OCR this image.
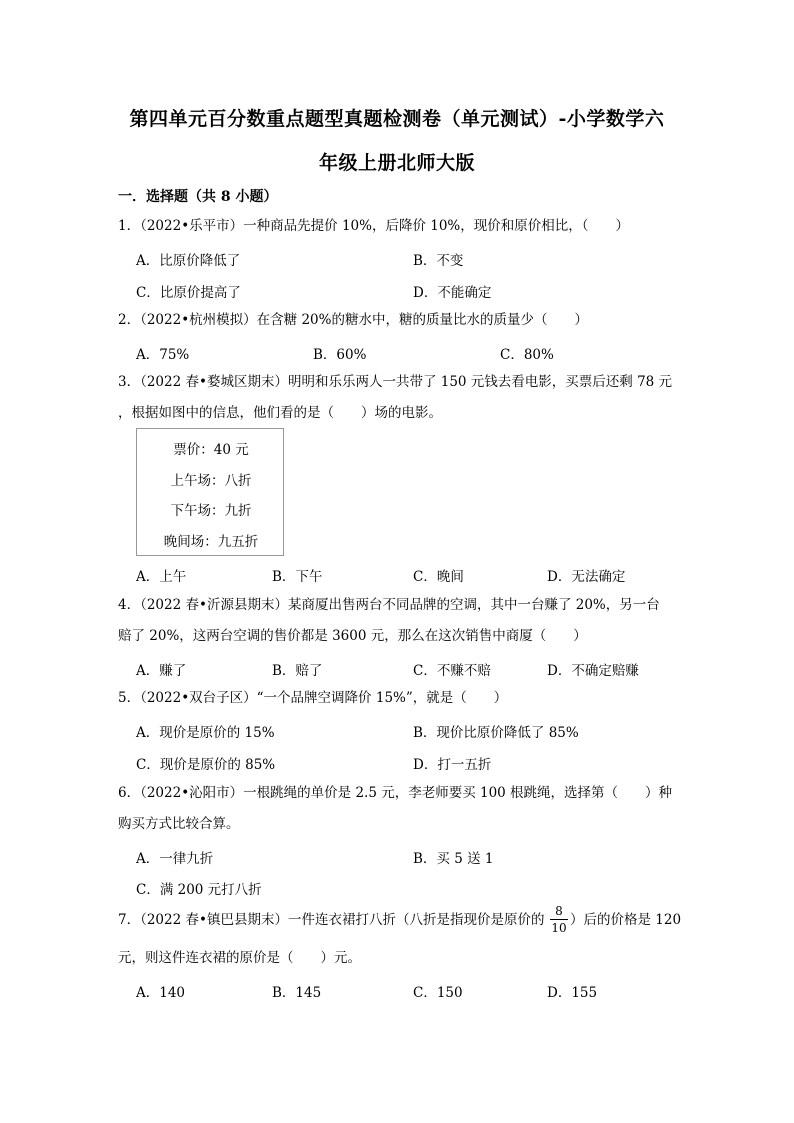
第四单元百分数重点题型真题检测卷（单元测试）-小学数学六
年级上册北师大版
一．选择题（共 8 小题）
1．（2022•乐平市）一种商品先提价 10%，后降价 10%，现价和原价相比，（　　）
A．比原价降低了	B．不变
C．比原价提高了	D．不能确定
2．（2022•杭州模拟）在含糖 20%的糖水中，糖的质量比水的质量少（　　）
A．75%	B．60%	C．80%
3．（2022 春•婺城区期末）明明和乐乐两人一共带了 150 元钱去看电影，买票后还剩 78 元
，根据如图中的信息，他们看的是（　　）场的电影。
票价：40 元
上午场：八折
下午场：九折
晚间场：九五折
A．上午	B．下午	C．晚间	D．无法确定
4．（2022 春•沂源县期末）某商厦出售两台不同品牌的空调，其中一台赚了 20%，另一台
赔了 20%，这两台空调的售价都是 3600 元，那么在这次销售中商厦（　　）
A．赚了	B．赔了	C．不赚不赔	D．不确定赔赚
5．（2022•双台子区）“一个品牌空调降价 15%”，就是（　　）
A．现价是原价的 15%	B．现价比原价降低了 85%
C．现价是原价的 85%	D．打一五折
6．（2022•沁阳市）一根跳绳的单价是 2.5 元，李老师要买 100 根跳绳，选择第（　　）种
购买方式比较合算。
A．一律九折	B．买 5 送 1
C．满 200 元打八折
7．（2022 春•镇巴县期末）一件连衣裙打八折（八折是指现价是原价的
8
10 ）后的价格是 120
元，则这件连衣裙的原价是（　　）元。
A．140	B．145	C．150	D．155
